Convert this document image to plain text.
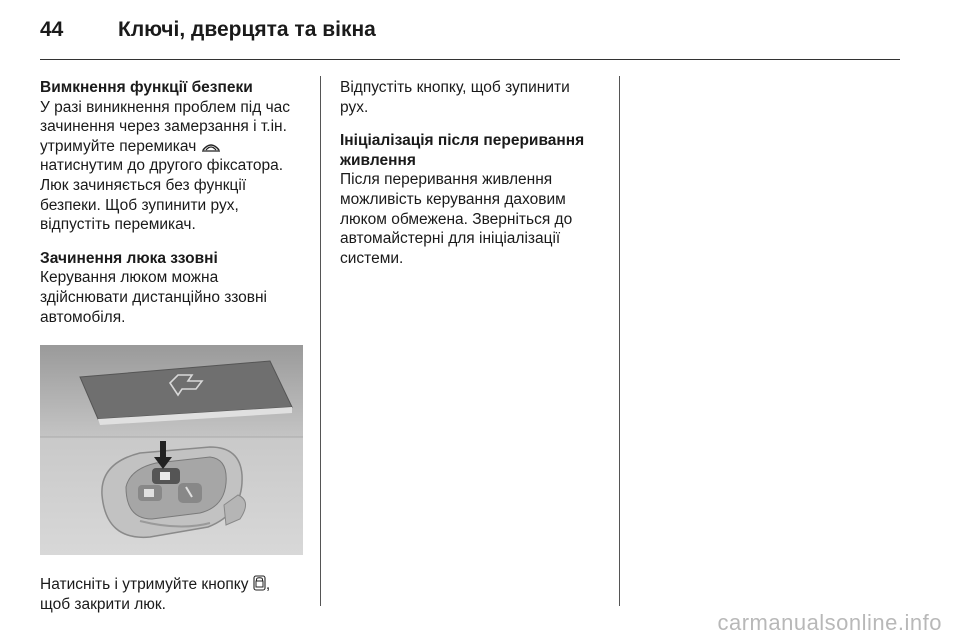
44	Ключі, дверцята та вікна
Вимкнення функції безпеки
У разі виникнення проблем під час
зачинення через замерзання і т.ін.
утримуйте перемикач
натиснутим до другого фіксатора.
Люк зачиняється без функції
безпеки. Щоб зупинити рух,
відпустіть перемикач.
Зачинення люка ззовні
Керування люком можна
здійснювати дистанційно ззовні
автомобіля.
Натисніть і утримуйте кнопку ,
щоб закрити люк.
Відпустіть кнопку, щоб зупинити
рух.
Ініціалізація після переривання
живлення
Після переривання живлення
можливість керування даховим
люком обмежена. Зверніться до
автомайстерні для ініціалізації
системи.
carmanualsonline.info
